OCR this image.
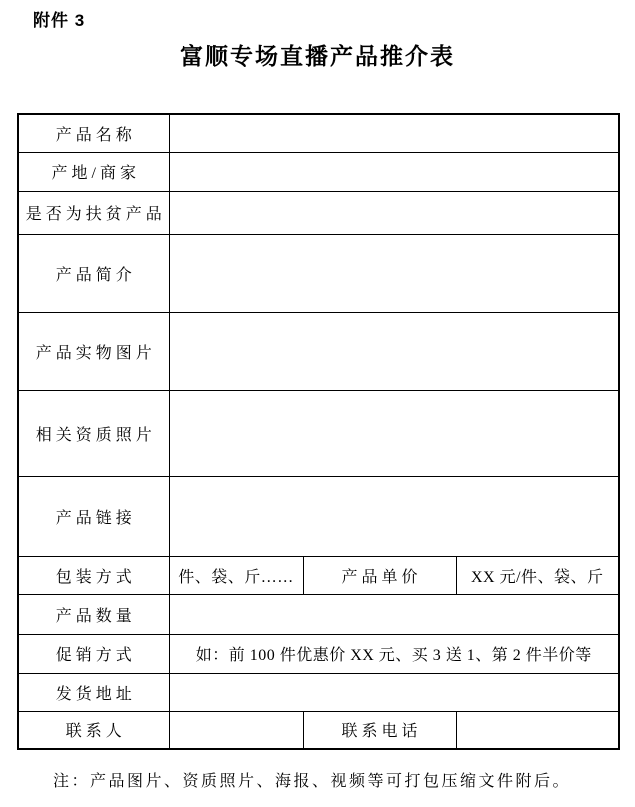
附件 3
富顺专场直播产品推介表
产品名称			
产地/商家			
是否为扶贫产品			
产品简介			
产品实物图片			
相关资质照片			
产品链接			
包装方式	件、袋、斤……	产品单价	XX 元/件、袋、斤
产品数量			
促销方式	如：前 100 件优惠价 XX 元、买 3 送 1、第 2 件半价等		
发货地址			
联系人		联系电话	
注：产品图片、资质照片、海报、视频等可打包压缩文件附后。
